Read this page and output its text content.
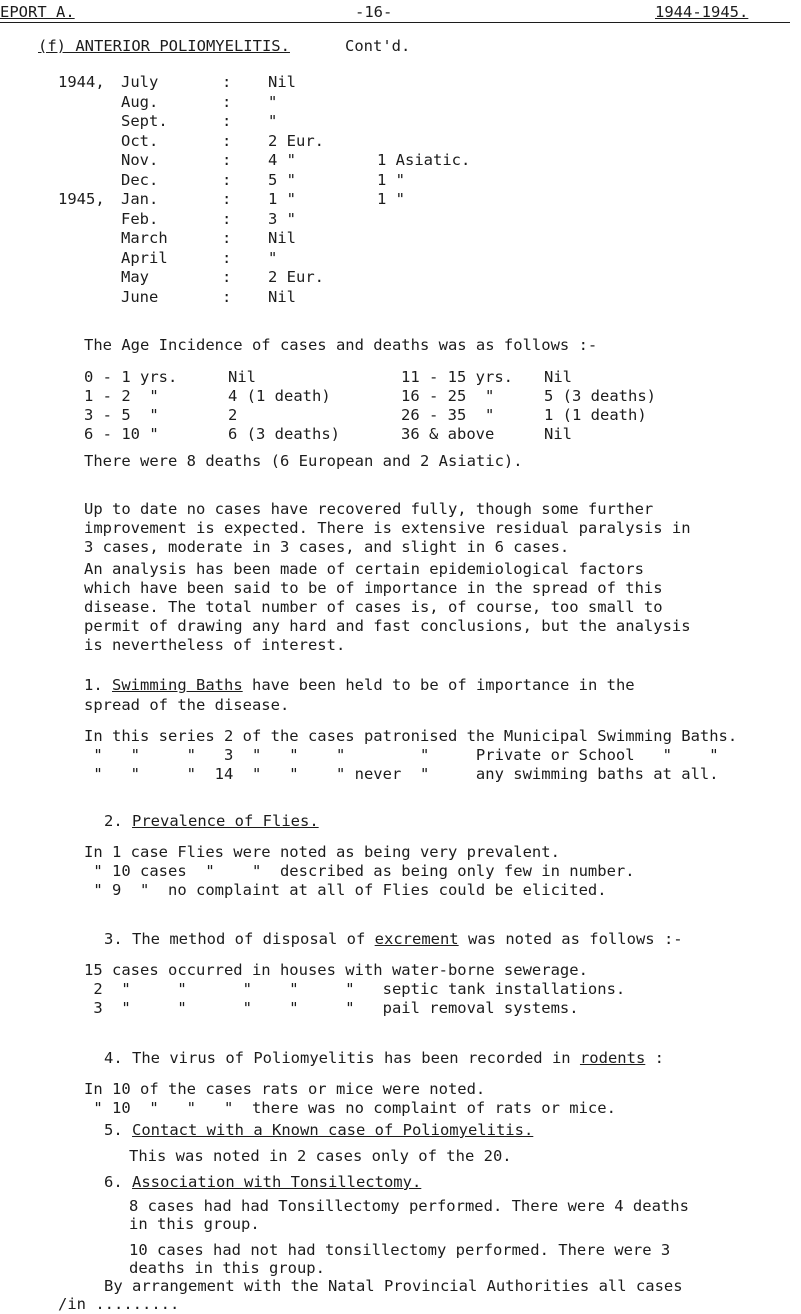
EPORT A.	-16-	1944-1945.
(f) ANTERIOR POLIOMYELITIS.	Cont'd.
1944, July	: Nil
Aug.	: "
Sept.	: "
Oct.	: 2 Eur.
Nov.	: 4 "	1 Asiatic.
Dec.	: 5 "	1 "
1945, Jan.	: 1 "	1 "
Feb.	: 3 "
March	: Nil
April	: "
May	: 2 Eur.
June	: Nil
The Age Incidence of cases and deaths was as follows :-
0 - 1 yrs.	Nil	11 - 15 yrs. Nil
1 - 2  "	4 (1 death)	16 - 25  "	5 (3 deaths)
3 - 5  "	2	26 - 35  "	1 (1 death)
6 - 10 "	6 (3 deaths)	36 & above	Nil
There were 8 deaths (6 European and 2 Asiatic).
Up to date no cases have recovered fully, though some further
improvement is expected. There is extensive residual paralysis in
3 cases, moderate in 3 cases, and slight in 6 cases.
An analysis has been made of certain epidemiological factors
which have been said to be of importance in the spread of this
disease. The total number of cases is, of course, too small to
permit of drawing any hard and fast conclusions, but the analysis
is nevertheless of interest.
1. Swimming Baths have been held to be of importance in the
spread of the disease.
In this series 2 of the cases patronised the Municipal Swimming Baths.
"   "     "   3  "   "    "        "     Private or School   "    "
"   "     "  14  "   "    " never  "     any swimming baths at all.
2. Prevalence of Flies.
In 1 case Flies were noted as being very prevalent.
" 10 cases  "    "  described as being only few in number.
" 9  "  no complaint at all of Flies could be elicited.
3. The method of disposal of excrement was noted as follows :-
15 cases occurred in houses with water-borne sewerage.
2  "     "      "    "     "   septic tank installations.
3  "     "      "    "     "   pail removal systems.
4. The virus of Poliomyelitis has been recorded in rodents :
In 10 of the cases rats or mice were noted.
" 10  "   "   "  there was no complaint of rats or mice.
5. Contact with a Known case of Poliomyelitis.
This was noted in 2 cases only of the 20.
6. Association with Tonsillectomy.
8 cases had had Tonsillectomy performed. There were 4 deaths
in this group.
10 cases had not had tonsillectomy performed. There were 3
deaths in this group.
By arrangement with the Natal Provincial Authorities all cases
/in .........
